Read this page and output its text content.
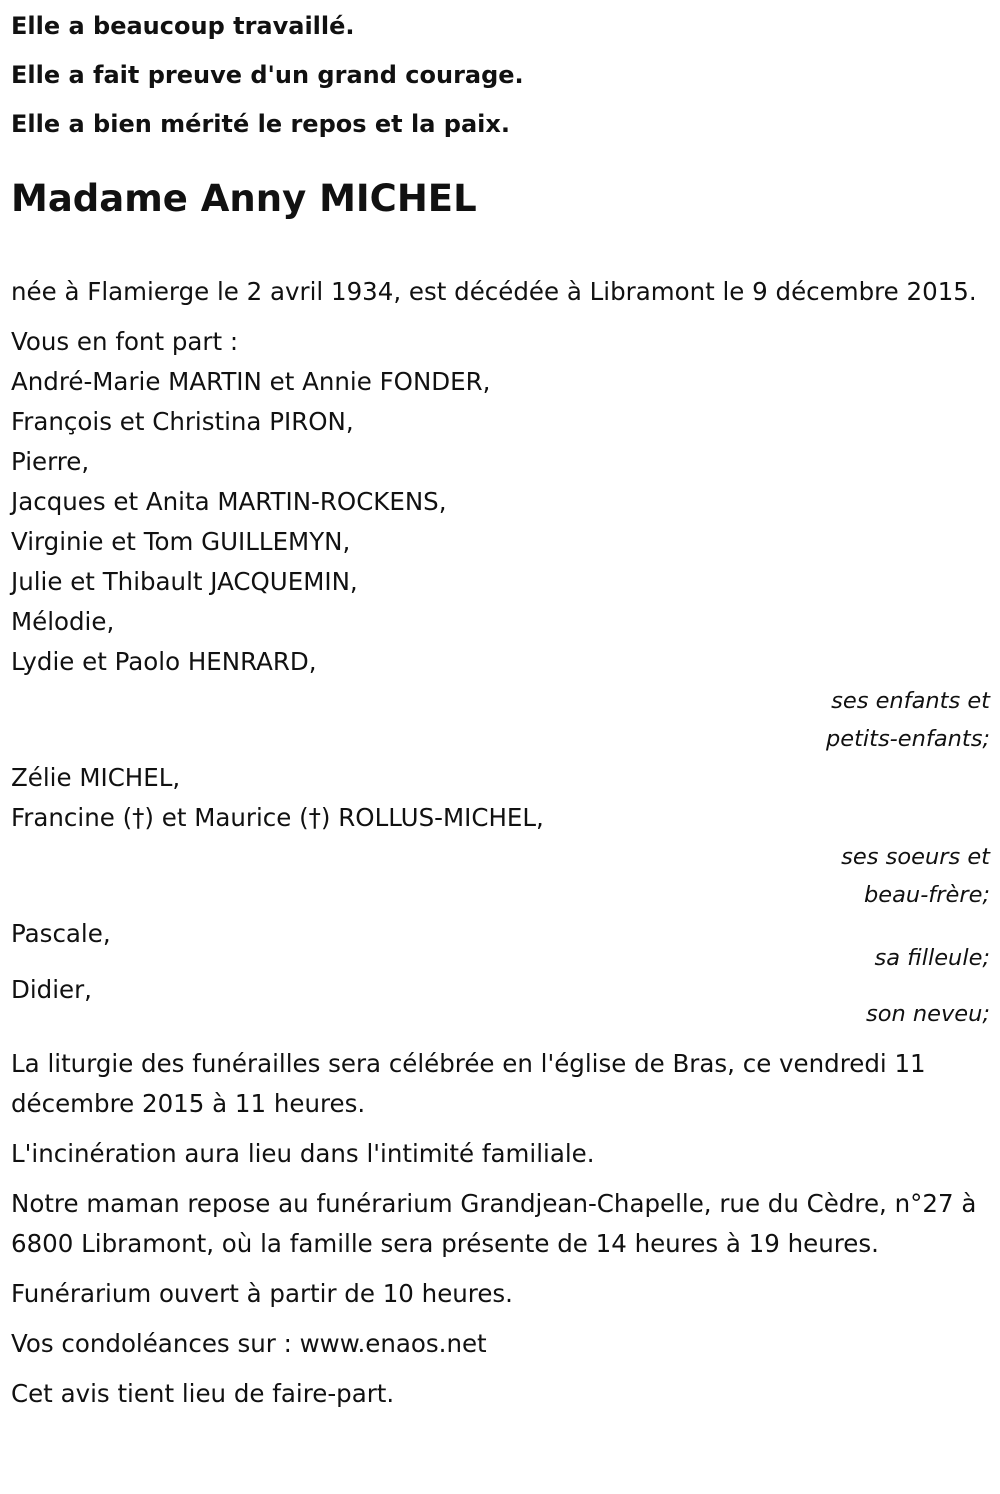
Elle a beaucoup travaillé.

Elle a fait preuve d'un grand courage.

Elle a bien mérité le repos et la paix.

Madame Anny MICHEL

née à Flamierge le 2 avril 1934, est décédée à Libramont le 9 décembre 2015.

Vous en font part :

André-Marie MARTIN et Annie FONDER,

François et Christina PIRON,

Pierre,

Jacques et Anita MARTIN-ROCKENS,

Virginie et Tom GUILLEMYN,

Julie et Thibault JACQUEMIN,

Mélodie,

Lydie et Paolo HENRARD,

ses enfants et

petits-enfants;

Zélie MICHEL,

Francine (†) et Maurice (†) ROLLUS-MICHEL,

ses soeurs et

beau-frère;

Pascale,

sa filleule;

Didier,

son neveu;

La liturgie des funérailles sera célébrée en l'église de Bras, ce vendredi 11 décembre 2015 à 11 heures.

L'incinération aura lieu dans l'intimité familiale.

Notre maman repose au funérarium Grandjean-Chapelle, rue du Cèdre, n°27 à 6800 Libramont, où la famille sera présente de 14 heures à 19 heures.

Funérarium ouvert à partir de 10 heures.

Vos condoléances sur : www.enaos.net

Cet avis tient lieu de faire-part.
